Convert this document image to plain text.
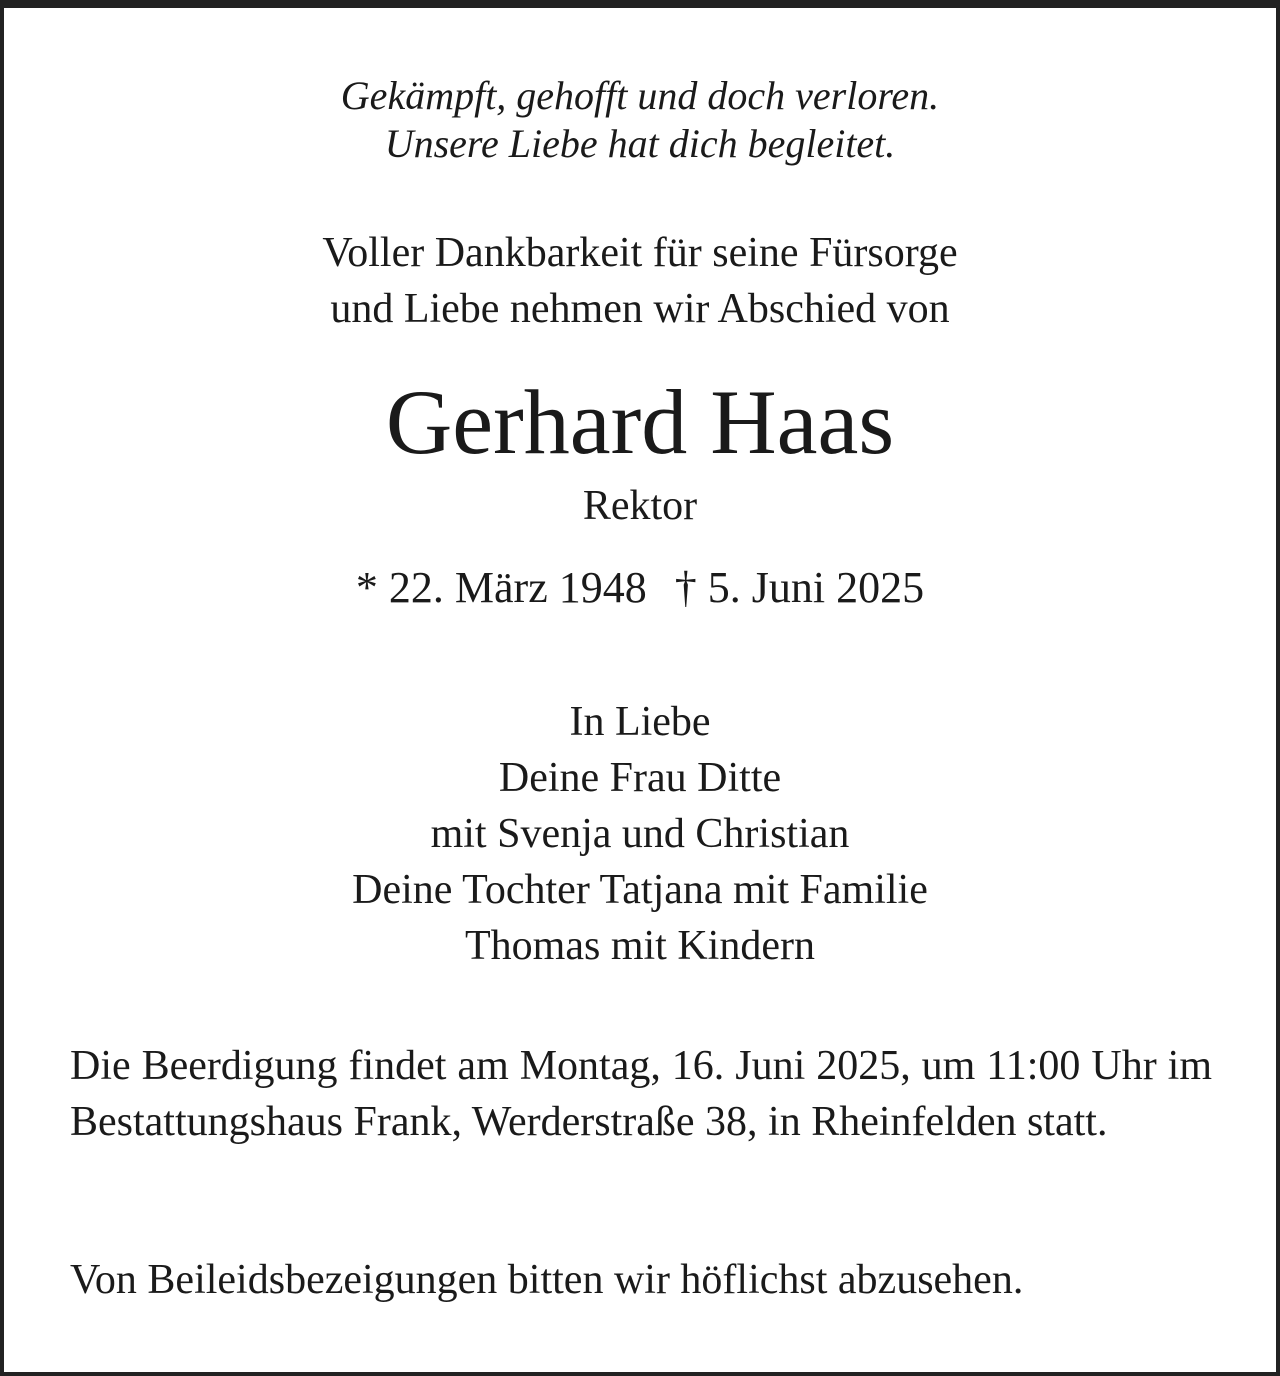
Gekämpft, gehofft und doch verloren.
Unsere Liebe hat dich begleitet.
Voller Dankbarkeit für seine Fürsorge
und Liebe nehmen wir Abschied von
Gerhard Haas
Rektor
* 22. März 1948 † 5. Juni 2025
In Liebe
Deine Frau Ditte
mit Svenja und Christian
Deine Tochter Tatjana mit Familie
Thomas mit Kindern
Die Beerdigung findet am Montag, 16. Juni 2025, um 11:00 Uhr im Bestattungshaus Frank, Werderstraße 38, in Rheinfelden statt.
Von Beileidsbezeigungen bitten wir höflichst abzusehen.
